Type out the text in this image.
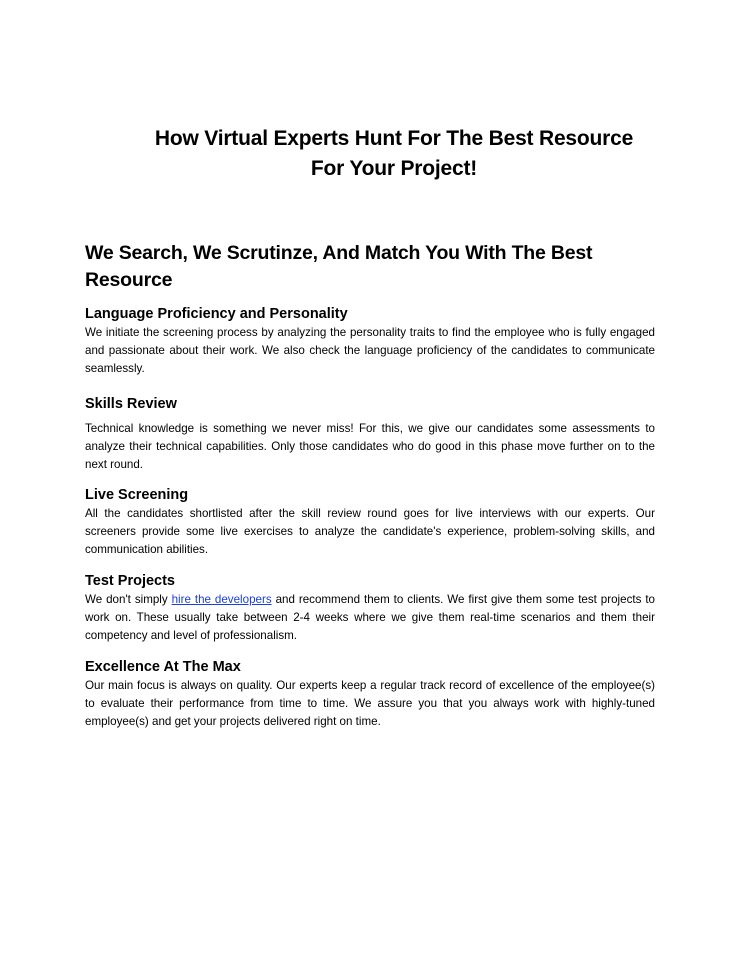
How Virtual Experts Hunt For The Best Resource
For Your Project!
We Search, We Scrutinze, And Match You With The Best Resource
Language Proficiency and Personality

We initiate the screening process by analyzing the personality traits to find the employee who is fully engaged and passionate about their work. We also check the language proficiency of the candidates to communicate seamlessly.

Skills Review

Technical knowledge is something we never miss! For this, we give our candidates some assessments to analyze their technical capabilities. Only those candidates who do good in this phase move further on to the next round.

Live Screening

All the candidates shortlisted after the skill review round goes for live interviews with our experts. Our screeners provide some live exercises to analyze the candidate's experience, problem-solving skills, and communication abilities.

Test Projects

We don't simply hire the developers and recommend them to clients. We first give them some test projects to work on. These usually take between 2-4 weeks where we give them real-time scenarios and them their competency and level of professionalism.

Excellence At The Max

Our main focus is always on quality. Our experts keep a regular track record of excellence of the employee(s) to evaluate their performance from time to time. We assure you that you always work with highly-tuned employee(s) and get your projects delivered right on time.
